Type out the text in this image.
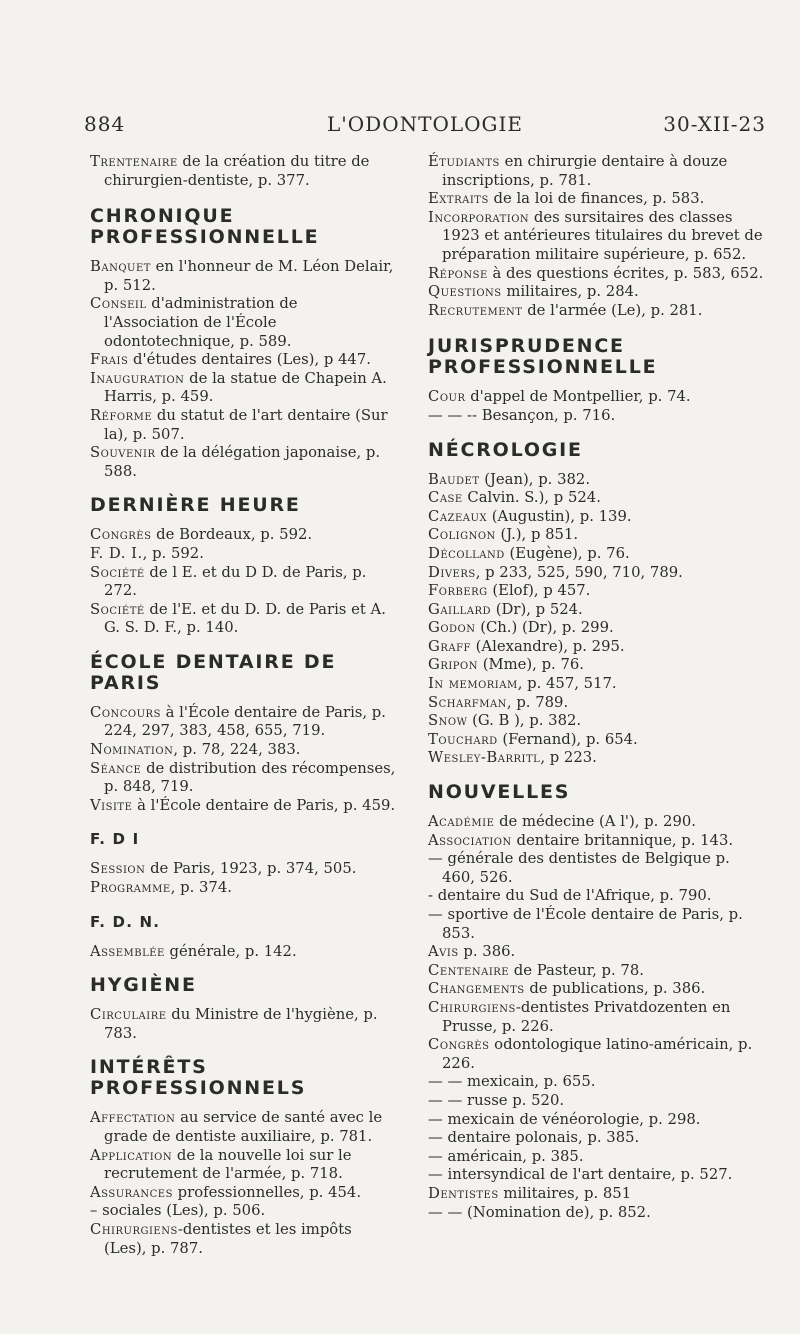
884	L'ODONTOLOGIE	30-XII-23
Trentenaire de la création du titre de chirurgien-dentiste, p. 377.
CHRONIQUE PROFESSIONNELLE
Banquet en l'honneur de M. Léon Delair, p. 512.
Conseil d'administration de l'Association de l'École odontotechnique, p. 589.
Frais d'études dentaires (Les), p 447.
Inauguration de la statue de Chapein A. Harris, p. 459.
Réforme du statut de l'art dentaire (Sur la), p. 507.
Souvenir de la délégation japonaise, p. 588.
DERNIÈRE HEURE
Congrès de Bordeaux, p. 592.
F. D. I., p. 592.
Société de l E. et du D D. de Paris, p. 272.
Société de l'E. et du D. D. de Paris et A. G. S. D. F., p. 140.
ÉCOLE DENTAIRE DE PARIS
Concours à l'École dentaire de Paris, p. 224, 297, 383, 458, 655, 719.
Nomination, p. 78, 224, 383.
Séance de distribution des récompenses, p. 848, 719.
Visite à l'École dentaire de Paris, p. 459.
F. D I
Session de Paris, 1923, p. 374, 505.
Programme, p. 374.
F. D. N.
Assemblée générale, p. 142.
HYGIÈNE
Circulaire du Ministre de l'hygiène, p. 783.
INTÉRÊTS PROFESSIONNELS
Affectation au service de santé avec le grade de dentiste auxiliaire, p. 781.
Application de la nouvelle loi sur le recrutement de l'armée, p. 718.
Assurances professionnelles, p. 454.
– sociales (Les), p. 506.
Chirurgiens-dentistes et les impôts (Les), p. 787.
Étudiants en chirurgie dentaire à douze inscriptions, p. 781.
Extraits de la loi de finances, p. 583.
Incorporation des sursitaires des classes 1923 et antérieures titulaires du brevet de préparation militaire supérieure, p. 652.
Réponse à des questions écrites, p. 583, 652.
Questions militaires, p. 284.
Recrutement de l'armée (Le), p. 281.
JURISPRUDENCE PROFESSIONNELLE
Cour d'appel de Montpellier, p. 74.
— — -- Besançon, p. 716.
NÉCROLOGIE
Baudet (Jean), p. 382.
Case Calvin. S.), p 524.
Cazeaux (Augustin), p. 139.
Colignon (J.), p 851.
Décolland (Eugène), p. 76.
Divers, p 233, 525, 590, 710, 789.
Forberg (Elof), p 457.
Gaillard (Dr), p 524.
Godon (Ch.) (Dr), p. 299.
Graff (Alexandre), p. 295.
Gripon (Mme), p. 76.
In memoriam, p. 457, 517.
Scharfman, p. 789.
Snow (G. B ), p. 382.
Touchard (Fernand), p. 654.
Wesley-Barritl, p 223.
NOUVELLES
Académie de médecine (A l'), p. 290.
Association dentaire britannique, p. 143.
— générale des dentistes de Belgique p. 460, 526.
- dentaire du Sud de l'Afrique, p. 790.
— sportive de l'École dentaire de Paris, p. 853.
Avis p. 386.
Centenaire de Pasteur, p. 78.
Changements de publications, p. 386.
Chirurgiens-dentistes Privatdozenten en Prusse, p. 226.
Congrès odontologique latino-américain, p. 226.
— — mexicain, p. 655.
— — russe p. 520.
— mexicain de vénéorologie, p. 298.
— dentaire polonais, p. 385.
— américain, p. 385.
— intersyndical de l'art dentaire, p. 527.
Dentistes militaires, p. 851
— — (Nomination de), p. 852.
